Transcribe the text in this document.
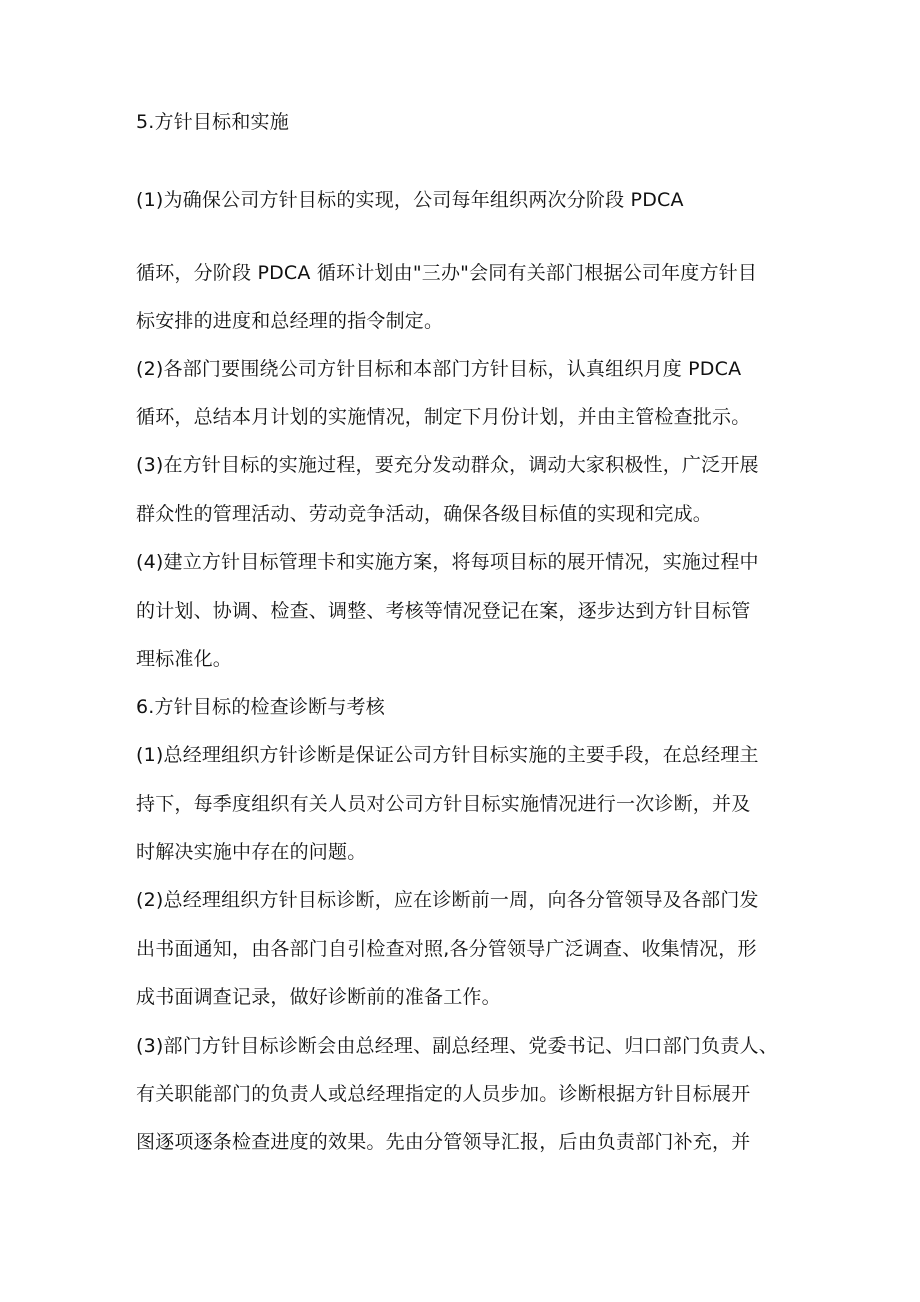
5.方针目标和实施
(1)为确保公司方针目标的实现，公司每年组织两次分阶段 PDCA
循环，分阶段 PDCA 循环计划由"三办"会同有关部门根据公司年度方针目
标安排的进度和总经理的指令制定。
(2)各部门要围绕公司方针目标和本部门方针目标，认真组织月度 PDCA
循环，总结本月计划的实施情况，制定下月份计划，并由主管检查批示。
(3)在方针目标的实施过程，要充分发动群众，调动大家积极性，广泛开展
群众性的管理活动、劳动竞争活动，确保各级目标值的实现和完成。
(4)建立方针目标管理卡和实施方案，将每项目标的展开情况，实施过程中
的计划、协调、检查、调整、考核等情况登记在案，逐步达到方针目标管
理标准化。
6.方针目标的检查诊断与考核
(1)总经理组织方针诊断是保证公司方针目标实施的主要手段，在总经理主
持下，每季度组织有关人员对公司方针目标实施情况进行一次诊断，并及
时解决实施中存在的问题。
(2)总经理组织方针目标诊断，应在诊断前一周，向各分管领导及各部门发
出书面通知，由各部门自引检查对照,各分管领导广泛调查、收集情况，形
成书面调查记录，做好诊断前的准备工作。
(3)部门方针目标诊断会由总经理、副总经理、党委书记、归口部门负责人、
有关职能部门的负责人或总经理指定的人员步加。诊断根据方针目标展开
图逐项逐条检查进度的效果。先由分管领导汇报，后由负责部门补充，并
